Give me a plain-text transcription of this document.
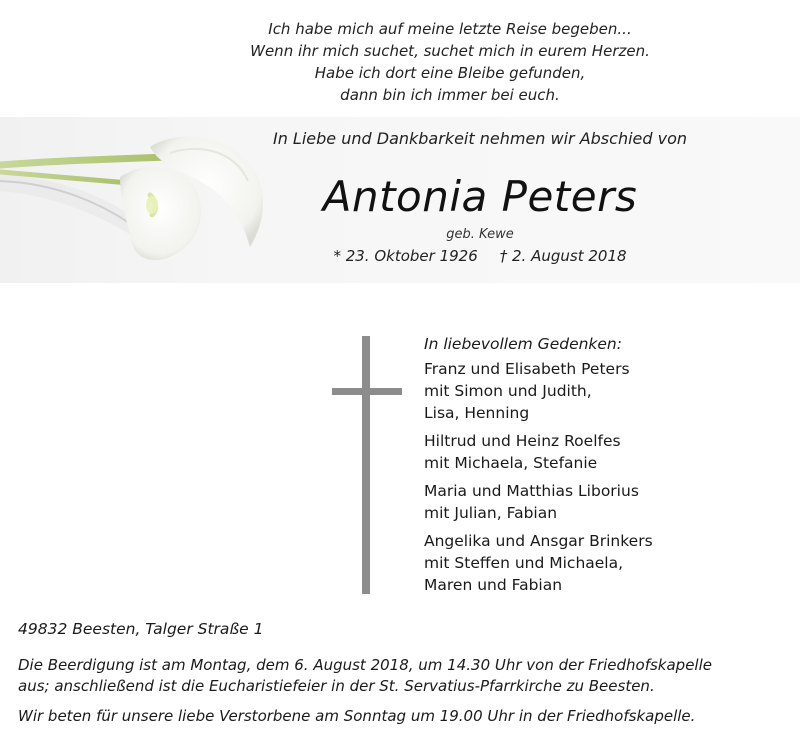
Ich habe mich auf meine letzte Reise begeben...
Wenn ihr mich suchet, suchet mich in eurem Herzen.
Habe ich dort eine Bleibe gefunden,
dann bin ich immer bei euch.
In Liebe und Dankbarkeit nehmen wir Abschied von
Antonia Peters
geb. Kewe
* 23. Oktober 1926 † 2. August 2018
In liebevollem Gedenken:
Franz und Elisabeth Peters
mit Simon und Judith,
Lisa, Henning
Hiltrud und Heinz Roelfes
mit Michaela, Stefanie
Maria und Matthias Liborius
mit Julian, Fabian
Angelika und Ansgar Brinkers
mit Steffen und Michaela,
Maren und Fabian
49832 Beesten, Talger Straße 1
Die Beerdigung ist am Montag, dem 6. August 2018, um 14.30 Uhr von der Friedhofskapelle
aus; anschließend ist die Eucharistiefeier in der St. Servatius-Pfarrkirche zu Beesten.
Wir beten für unsere liebe Verstorbene am Sonntag um 19.00 Uhr in der Friedhofskapelle.
